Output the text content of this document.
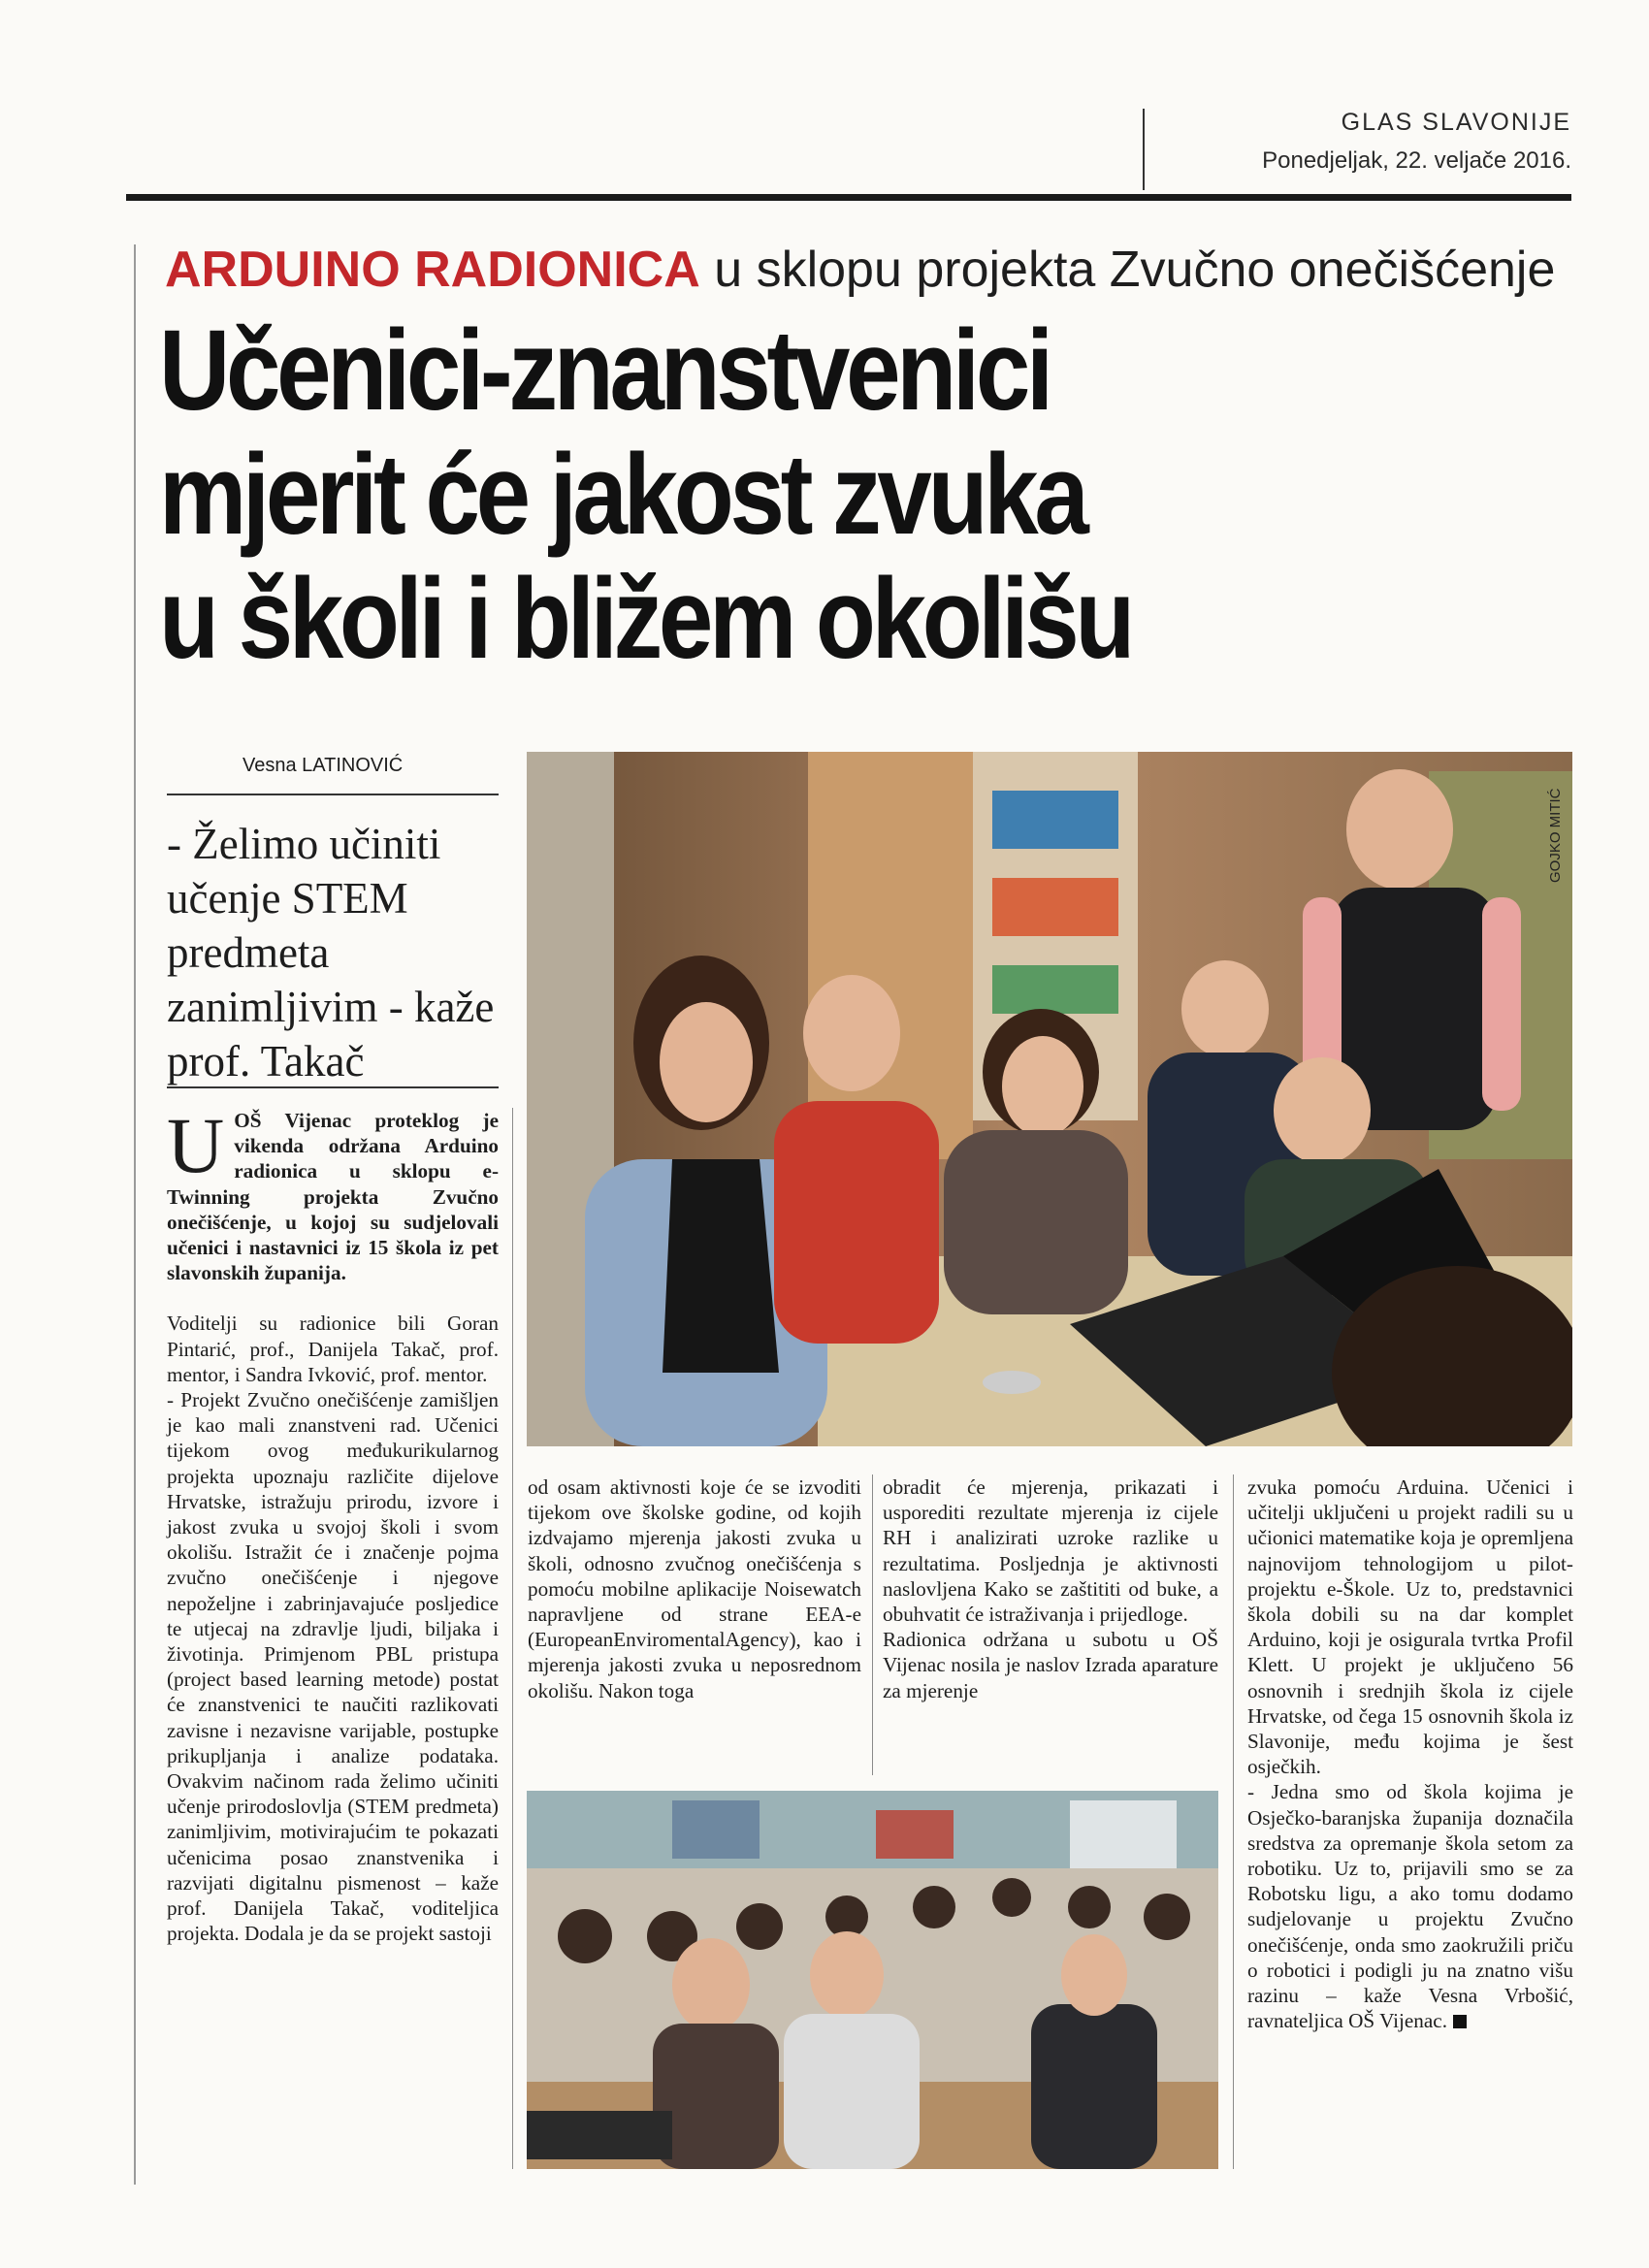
GLAS SLAVONIJE
Ponedjeljak, 22. veljače 2016.
ARDUINO RADIONICA u sklopu projekta Zvučno onečišćenje
Učenici-znanstvenici
mjerit će jakost zvuka
u školi i bližem okolišu
Vesna LATINOVIĆ
- Želimo učiniti učenje STEM predmeta zanimljivim - kaže prof. Takač
GOJKO MITIĆ

UOŠ Vijenac proteklog je vikenda održana Arduino radionica u sklopu e-Twinning projekta Zvučno onečišćenje, u kojoj su sudjelovali učenici i nastavnici iz 15 škola iz pet slavonskih županija.

Voditelji su radionice bili Goran Pintarić, prof., Danijela Takač, prof. mentor, i Sandra Ivković, prof. mentor.

- Projekt Zvučno onečišćenje zamišljen je kao mali znanstveni rad. Učenici tijekom ovog međukurikularnog projekta upoznaju različite dijelove Hrvatske, istražuju prirodu, izvore i jakost zvuka u svojoj školi i svom okolišu. Istražit će i značenje pojma zvučno onečišćenje i njegove nepoželjne i zabrinjavajuće posljedice te utjecaj na zdravlje ljudi, biljaka i životinja. Primjenom PBL pristupa (project based learning metode) postat će znanstvenici te naučiti razlikovati zavisne i nezavisne varijable, postupke prikupljanja i analize podataka. Ovakvim načinom rada želimo učiniti učenje prirodoslovlja (STEM predmeta) zanimljivim, motivirajućim te pokazati učenicima posao znanstvenika i razvijati digitalnu pismenost – kaže prof. Danijela Takač, voditeljica projekta. Dodala je da se projekt sastoji

od osam aktivnosti koje će se izvoditi tijekom ove školske godine, od kojih izdvajamo mjerenja jakosti zvuka u školi, odnosno zvučnog onečišćenja s pomoću mobilne aplikacije Noisewatch napravljene od strane EEA-e (EuropeanEnviromentalAgency), kao i mjerenja jakosti zvuka u neposrednom okolišu. Nakon toga

obradit će mjerenja, prikazati i usporediti rezultate mjerenja iz cijele RH i analizirati uzroke razlike u rezultatima. Posljednja je aktivnosti naslovljena Kako se zaštititi od buke, a obuhvatit će istraživanja i prijedloge.

Radionica održana u subotu u OŠ Vijenac nosila je naslov Izrada aparature za mjerenje

zvuka pomoću Arduina. Učenici i učitelji uključeni u projekt radili su u učionici matematike koja je opremljena najnovijom tehnologijom u pilot-projektu e-Škole. Uz to, predstavnici škola dobili su na dar komplet Arduino, koji je osigurala tvrtka Profil Klett. U projekt je uključeno 56 osnovnih i srednjih škola iz cijele Hrvatske, od čega 15 osnovnih škola iz Slavonije, među kojima je šest osječkih.

- Jedna smo od škola kojima je Osječko-baranjska županija doznačila sredstva za opremanje škola setom za robotiku. Uz to, prijavili smo se za Robotsku ligu, a ako tomu dodamo sudjelovanje u projektu Zvučno onečišćenje, onda smo zaokružili priču o robotici i podigli ju na znatno višu razinu – kaže Vesna Vrbošić, ravnateljica OŠ Vijenac.
